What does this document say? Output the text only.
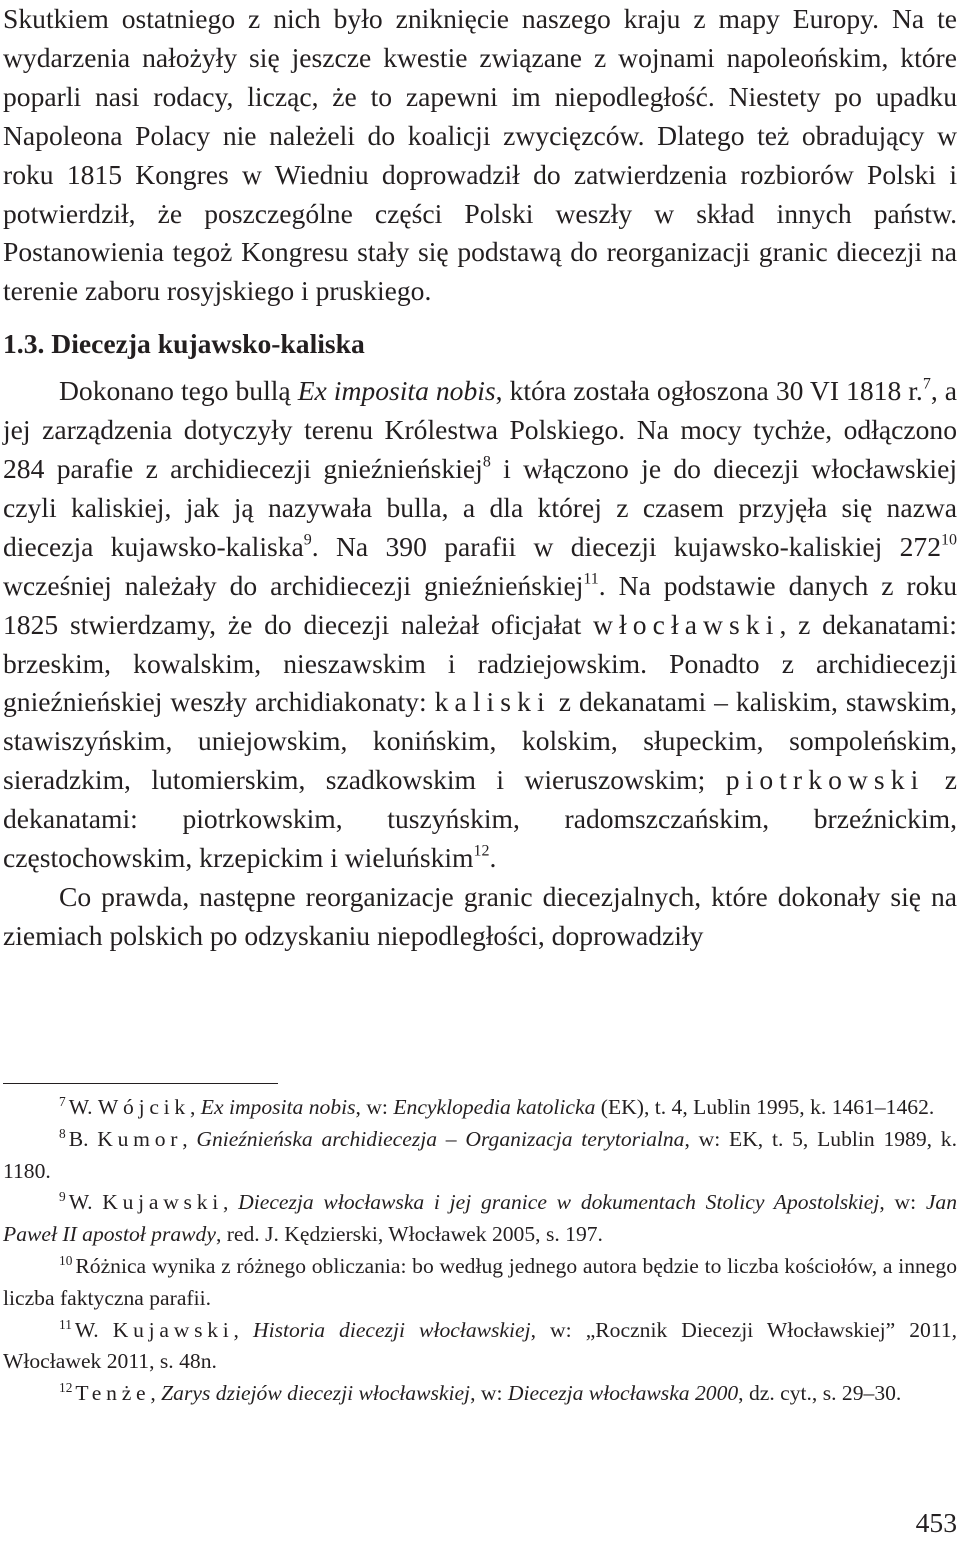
Skutkiem ostatniego z nich było zniknięcie naszego kraju z mapy Europy. Na te wydarzenia nałożyły się jeszcze kwestie związane z wojnami napoleońskim, które poparli nasi rodacy, licząc, że to zapewni im niepodległość. Niestety po upadku Napoleona Polacy nie należeli do koalicji zwycięzców. Dlatego też obradujący w roku 1815 Kongres w Wiedniu doprowadził do zatwierdzenia rozbiorów Polski i potwierdził, że poszczególne części Polski weszły w skład innych państw. Postanowienia tegoż Kongresu stały się podstawą do reorganizacji granic diecezji na terenie zaboru rosyjskiego i pruskiego.

1.3. Diecezja kujawsko-kaliska

Dokonano tego bullą Ex imposita nobis, która została ogłoszona 30 VI 1818 r.$^7$, a jej zarządzenia dotyczyły terenu Królestwa Polskiego. Na mocy tychże, odłączono 284 parafie z archidiecezji gnieźnieńskiej$^8$ i włączono je do diecezji włocławskiej czyli kaliskiej, jak ją nazywała bulla, a dla której z czasem przyjęła się nazwa diecezja kujawsko-kaliska$^9$. Na 390 parafii w diecezji kujawsko-kaliskiej $272^{10}$ wcześniej należały do archidiecezji gnieźnieńskiej$^{11}$. Na podstawie danych z roku 1825 stwierdzamy, że do diecezji należał oficjałat włocławski, z dekanatami: brzeskim, kowalskim, nieszawskim i radziejowskim. Ponadto z archidiecezji gnieźnieńskiej weszły archidiakonaty: kaliski z dekanatami – kaliskim, stawskim, stawiszyńskim, uniejowskim, konińskim, kolskim, słupeckim, sompoleńskim, sieradzkim, lutomierskim, szadkowskim i wieruszowskim; piotrkowski z dekanatami: piotrkowskim, tuszyńskim, radomszczańskim, brzeźnickim, częstochowskim, krzepickim i wieluńskim$^{12}$.

Co prawda, następne reorganizacje granic diecezjalnych, które dokonały się na ziemiach polskich po odzyskaniu niepodległości, doprowadziły

$^7$ W. Wójcik, Ex imposita nobis, w: Encyklopedia katolicka (EK), t. 4, Lublin 1995, k. 1461–1462.

$^8$ B. Kumor, Gnieźnieńska archidiecezja – Organizacja terytorialna, w: EK, t. 5, Lublin 1989, k. 1180.

$^9$ W. Kujawski, Diecezja włocławska i jej granice w dokumentach Stolicy Apostolskiej, w: Jan Paweł II apostoł prawdy, red. J. Kędzierski, Włocławek 2005, s. 197.

$^{10}$ Różnica wynika z różnego obliczania: bo według jednego autora będzie to liczba kościołów, a innego liczba faktyczna parafii.

$^{11}$ W. Kujawski, Historia diecezji włocławskiej, w: „Rocznik Diecezji Włocławskiej” 2011, Włocławek 2011, s. 48n.

$^{12}$ Tenże, Zarys dziejów diecezji włocławskiej, w: Diecezja włocławska 2000, dz. cyt., s. 29–30.

453
